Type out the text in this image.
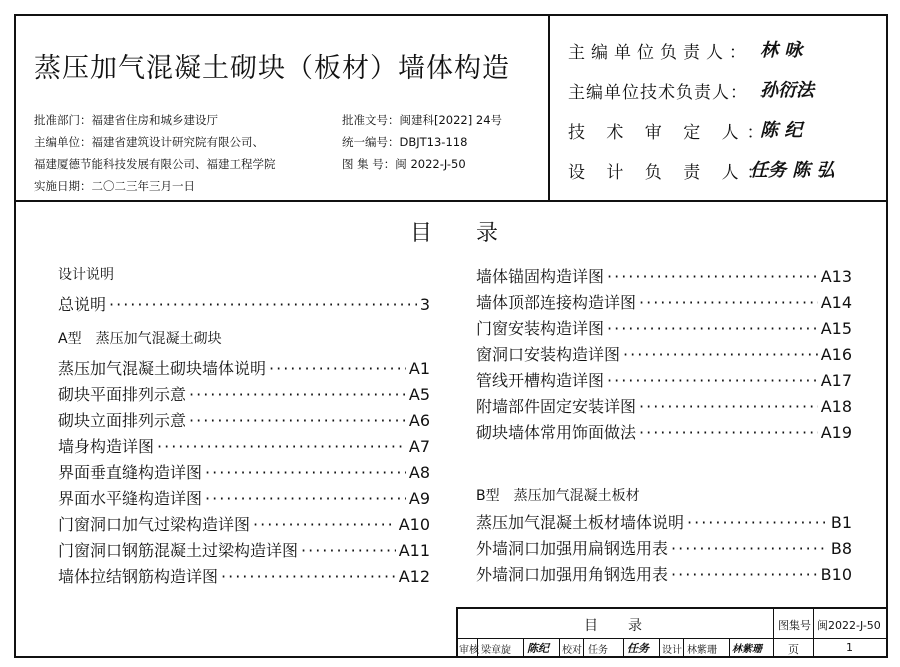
蒸压加气混凝土砌块（板材）墙体构造
批准部门：福建省住房和城乡建设厅
主编单位：福建省建筑设计研究院有限公司、
福建厦德节能科技发展有限公司、福建工程学院
实施日期：二〇二三年三月一日
批准文号：闽建科[2022] 24号
统一编号：DBJT13-118
图 集 号：闽 2022-J-50
主编单位负责人： 林 咏
主编单位技术负责人： 孙衍法
技 术 审 定 人：
陈 纪
设 计 负 责 人：
任务 陈 弘
目 录
设计说明
总说明 ·····	3
A型　蒸压加气混凝土砌块
蒸压加气混凝土砌块墙体说明 ·····	A1
砌块平面排列示意 ·····	A5
砌块立面排列示意 ·····	A6
墙身构造详图 ·····	A7
界面垂直缝构造详图 ·····	A8
界面水平缝构造详图 ·····	A9
门窗洞口加气过梁构造详图 ·····	A10
门窗洞口钢筋混凝土过梁构造详图 ·····	A11
墙体拉结钢筋构造详图 ·····	A12
墙体锚固构造详图 ·····	A13
墙体顶部连接构造详图 ·····	A14
门窗安装构造详图 ·····	A15
窗洞口安装构造详图 ·····	A16
管线开槽构造详图 ·····	A17
附墙部件固定安装详图 ·····	A18
砌块墙体常用饰面做法 ·····	A19
B型　蒸压加气混凝土板材
蒸压加气混凝土板材墙体说明 ·····	B1
外墙洞口加强用扁钢选用表 ·····	B8
外墙洞口加强用角钢选用表 ·····	B10
目 录	图集号 闽2022-J-50
审核 梁章旋	陈纪	校对 任务	任务	设计 林紫珊	林紫珊	页	1
